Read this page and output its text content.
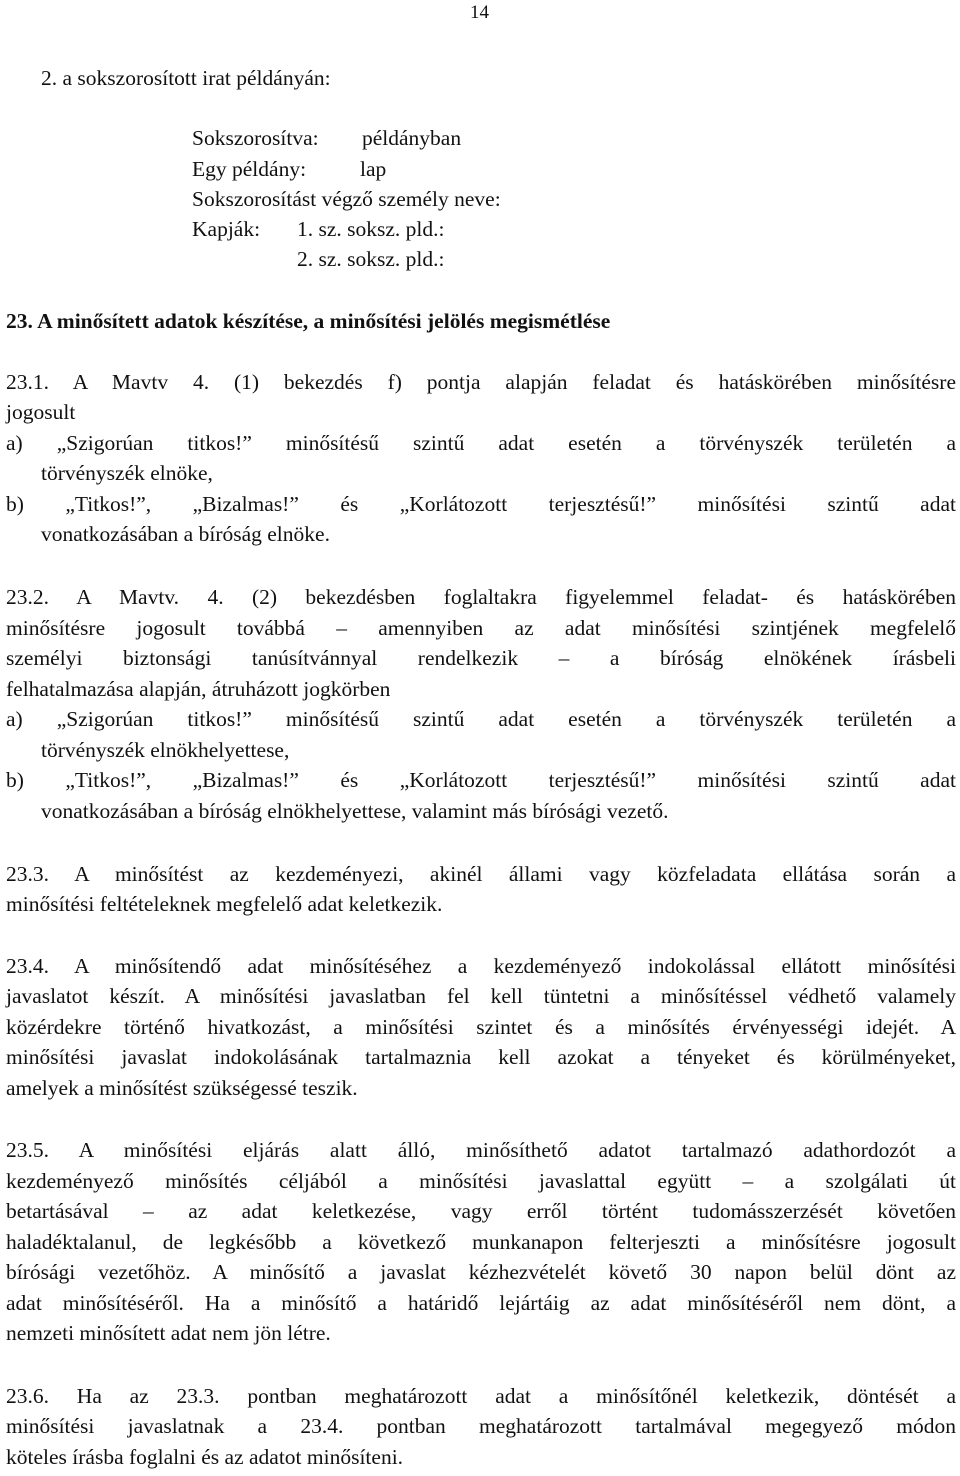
14
2. a sokszorosított irat példányán:
Sokszorosítva: példányban
Egy példány:	lap
Sokszorosítást végző személy neve:
Kapják: 1. sz. soksz. pld.:
2. sz. soksz. pld.:
23. A minősített adatok készítése, a minősítési jelölés megismétlése
23.1. A Mavtv 4. (1) bekezdés f) pontja alapján feladat és hatáskörében minősítésre
jogosult
a) „Szigorúan titkos!” minősítésű szintű adat esetén a törvényszék területén a
törvényszék elnöke,
b) „Titkos!”, „Bizalmas!” és „Korlátozott terjesztésű!” minősítési szintű adat
vonatkozásában a bíróság elnöke.
23.2. A Mavtv. 4. (2) bekezdésben foglaltakra figyelemmel feladat- és hatáskörében
minősítésre jogosult továbbá – amennyiben az adat minősítési szintjének megfelelő
személyi biztonsági tanúsítvánnyal rendelkezik – a bíróság elnökének írásbeli
felhatalmazása alapján, átruházott jogkörben
a) „Szigorúan titkos!” minősítésű szintű adat esetén a törvényszék területén a
törvényszék elnökhelyettese,
b) „Titkos!”, „Bizalmas!” és „Korlátozott terjesztésű!” minősítési szintű adat
vonatkozásában a bíróság elnökhelyettese, valamint más bírósági vezető.
23.3. A minősítést az kezdeményezi, akinél állami vagy közfeladata ellátása során a
minősítési feltételeknek megfelelő adat keletkezik.
23.4. A minősítendő adat minősítéséhez a kezdeményező indokolással ellátott minősítési
javaslatot készít. A minősítési javaslatban fel kell tüntetni a minősítéssel védhető valamely
közérdekre történő hivatkozást, a minősítési szintet és a minősítés érvényességi idejét. A
minősítési javaslat indokolásának tartalmaznia kell azokat a tényeket és körülményeket,
amelyek a minősítést szükségessé teszik.
23.5. A minősítési eljárás alatt álló, minősíthető adatot tartalmazó adathordozót a
kezdeményező minősítés céljából a minősítési javaslattal együtt – a szolgálati út
betartásával – az adat keletkezése, vagy erről történt tudomásszerzését követően
haladéktalanul, de legkésőbb a következő munkanapon felterjeszti a minősítésre jogosult
bírósági vezetőhöz. A minősítő a javaslat kézhezvételét követő 30 napon belül dönt az
adat minősítéséről. Ha a minősítő a határidő lejártáig az adat minősítéséről nem dönt, a
nemzeti minősített adat nem jön létre.
23.6. Ha az 23.3. pontban meghatározott adat a minősítőnél keletkezik, döntését a
minősítési javaslatnak a 23.4. pontban meghatározott tartalmával megegyező módon
köteles írásba foglalni és az adatot minősíteni.
